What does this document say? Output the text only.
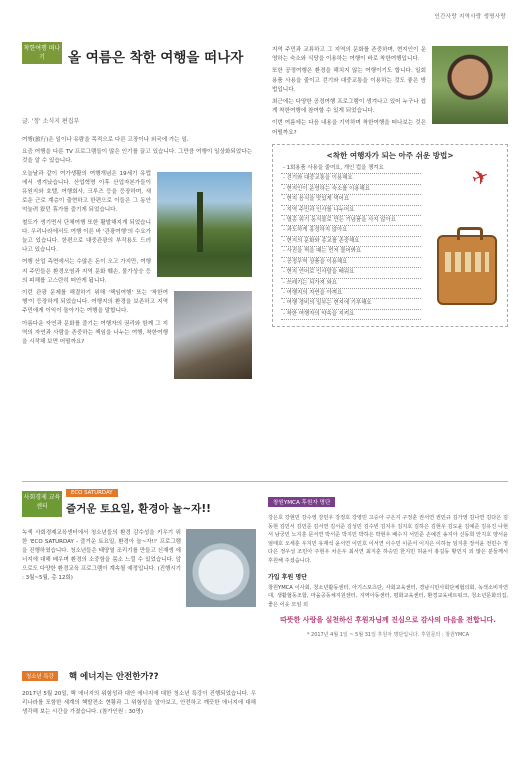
인간사랑 지역사랑 생명사랑
착한여행 떠나기	올 여름은 착한 여행을 떠나자
글. '정' 소식지 편집부

여행(旅行)은 일이나 유람을 목적으로 다른 고장이나 외국에 가는 일.

요즘 여행을 다룬 TV 프로그램들이 많은 인기를 끌고 있습니다. 그만큼 여행이 일상화되었다는 것을 알 수 있습니다.

오늘날과 같이 여가생활의 여행개념은 19세기 유럽에서 생겨났습니다. 산업혁명 이후 산업자본가들이 유원지와 호텔, 여행회사, 크루즈 등을 등장하며, 새로운 근로 계층이 출현하고 한편으로 이들은 그 동안 억눌려 왔던 휴가를 즐기게 되었습니다.

철도가 생기면서 단체여행 또한 활발해지게 되었습니다. 우리나라에서도 여행 이른 바 '관광여행'의 수요가 늘고 있습니다. 한편으로 대중관광의 부작용도 드러나고 있습니다.

여행 산업 측면에서는 수많은 돈이 오고 가지만, 여행지 주민들은 환경오염과 지역 문화 훼손, 물가상승 등의 피해를 고스란히 떠안게 됩니다.

이런 관광 문제를 해결하기 위해 '책임여행' 또는 '착한여행'이 등장하게 되었습니다. 여행지의 환경을 보존하고 지역 주민에게 이익이 돌아가는 여행을 말합니다.

아름다운 자연과 문화를 즐기는 여행자의 권리와 함께 그 지역의 자연과 사람을 존중하는 책임을 나누는 여행, 착한여행을 시작해 보면 어떨까요?

지역 주민과 교류하고 그 지역의 문화를 존중하며, 현지인이 운영하는 숙소와 식당을 이용하는 여행이 바로 착한여행입니다.

또한 공정여행은 환경을 해치지 않는 여행이기도 합니다. 일회용품 사용을 줄이고 걷기와 대중교통을 이용하는 것도 좋은 방법입니다.

최근에는 다양한 공정여행 프로그램이 생겨나고 있어 누구나 쉽게 착한여행에 참여할 수 있게 되었습니다.

이번 여름에는 다음 내용을 기억하며 착한여행을 떠나보는 것은 어떨까요?

<착한 여행자가 되는 아주 쉬운 방법>
- 1회용품 사용을 줄여요, 개인 컵을 챙겨요
- 걷기와 대중교통을 이용해요
- 현지인이 운영하는 숙소를 이용해요
- 현지 음식을 맛있게 먹어요
- 지역 주민과 인사를 나누어요
- 멸종 위기 동식물로 만든 기념품을 사지 않아요
- 과도하게 흥정하지 않아요
- 현지의 문화와 종교를 존중해요
- 사진을 찍을 때는 먼저 물어봐요
- 공정무역 상품을 이용해요
- 현지 언어로 인사말을 배워요
- 쓰레기는 되가져 와요
- 여행지의 자연을 아껴요
- 여행 경비의 일부는 현지에 기부해요
- 착한 여행자의 약속을 지켜요
✈
사회경제 교육센터
ECO SATURDAY
즐거운 토요일, 환경아 놀~자!!
녹색 사회경제교육센터에서 청소년들의 환경 감수성을 키우기 위한 'ECO SATURDAY - 즐거운 토요일, 환경아 놀~자!!' 프로그램을 진행하였습니다. 청소년들은 태양열 조리기를 만들고 신재생 에너지에 대해 배우며 환경의 소중함을 몸소 느낄 수 있었습니다. 앞으로도 다양한 환경교육 프로그램이 계속될 예정입니다. (진행시기 : 3월~5월, 총 12회)
청소년 특강 핵 에너지는 안전한가??
2017년 5월 20일, 핵 에너지의 위험성과 대안 에너지에 대한 청소년 특강이 진행되었습니다. 우리나라를 포함한 세계의 핵발전소 현황과 그 위험성을 알아보고, 안전하고 깨끗한 에너지에 대해 생각해 보는 시간을 가졌습니다. (참가인원 : 30명)
창원YMCA 후원자 명단
강은호 강현민 강수영 강민우 강정호 강영민 고승아 구은지 구정훈 권서연 권민규 김가영 김나연 김다은 김동현 김민서 김민준 김서연 김서준 김성민 김수빈 김지우 김지호 김하은 김현우 김도윤 김예준 김유진 나현서 남궁민 노지훈 문서연 박서준 박지민 박하은 박현우 배수지 서민준 손예진 송지아 신동희 안지호 양서윤 엄태호 오세훈 우지민 유재석 윤서연 이민호 이서연 이수민 이준서 이지은 이하늘 임지훈 장서윤 전민수 정다은 정우성 조민아 주현우 차은우 최서연 최지훈 하승민 한지민 허윤서 홍길동 황민지 외 많은 분들께서 후원해 주셨습니다.
가입 후원 명단
창원YMCA 이사회, 청소년활동센터, 아기스포츠단, 사회교육센터, 경남시민사회단체협의회, 녹색소비자연대, 생활협동조합, 마을공동체지원센터, 지역아동센터, 평화교육센터, 환경교육네트워크, 청소년문화의집, 좋은 이웃 모임 외
따뜻한 사랑을 실천하신 후원자님께 진심으로 감사의 마음을 전합니다.
* 2017년 4월 1일 ~ 5월 31일 후원자 명단입니다. 후원문의 : 창원YMCA
